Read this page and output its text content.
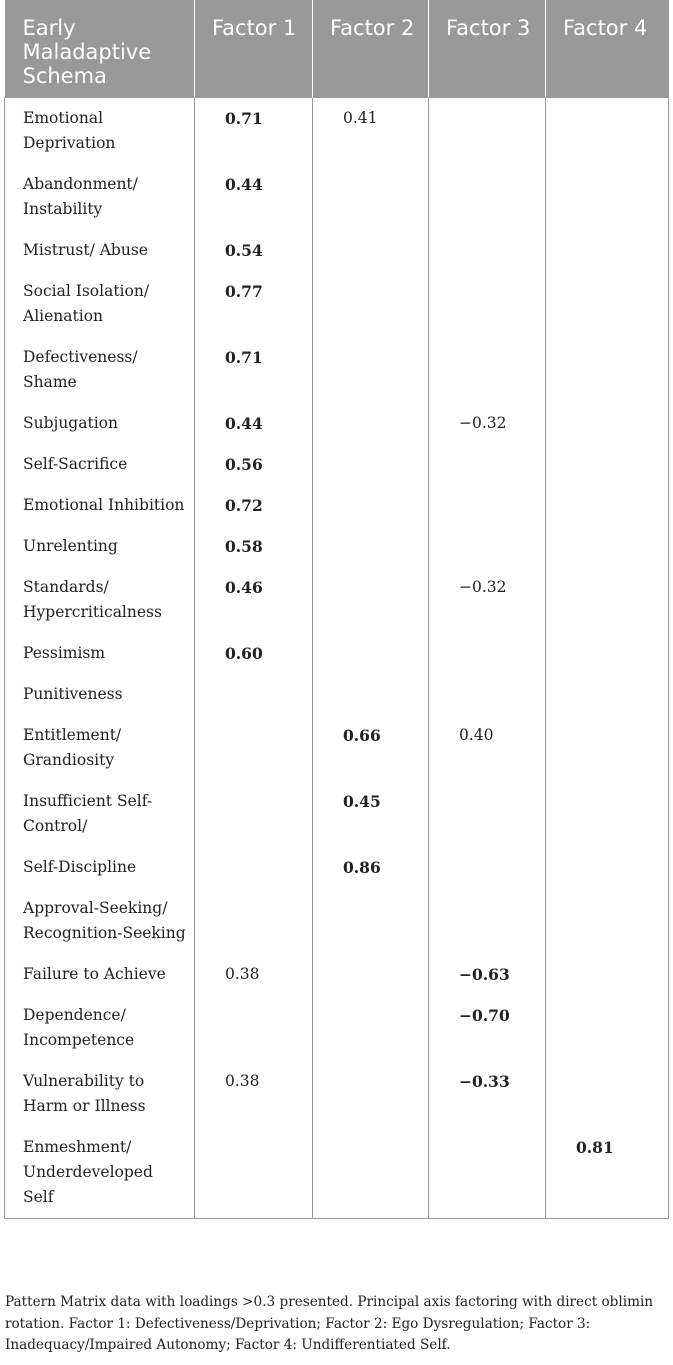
Early Maladaptive Schema	Factor 1	Factor 2	Factor 3	Factor 4
Emotional Deprivation	0.71	0.41		
Abandonment/ Instability	0.44			
Mistrust/ Abuse	0.54			
Social Isolation/ Alienation	0.77			
Defectiveness/ Shame	0.71			
Subjugation	0.44		−0.32	
Self-Sacrifice	0.56			
Emotional Inhibition	0.72			
Unrelenting	0.58			
Standards/ Hypercriticalness	0.46		−0.32	
Pessimism	0.60			
Punitiveness				
Entitlement/ Grandiosity		0.66	0.40	
Insufficient Self-Control/		0.45		
Self-Discipline		0.86		
Approval-Seeking/ Recognition-Seeking				
Failure to Achieve	0.38		−0.63	
Dependence/ Incompetence			−0.70	
Vulnerability to Harm or Illness	0.38		−0.33	
Enmeshment/ Underdeveloped Self				0.81
Pattern Matrix data with loadings >0.3 presented. Principal axis factoring with direct oblimin rotation. Factor 1: Defectiveness/Deprivation; Factor 2: Ego Dysregulation; Factor 3: Inadequacy/Impaired Autonomy; Factor 4: Undifferentiated Self.
